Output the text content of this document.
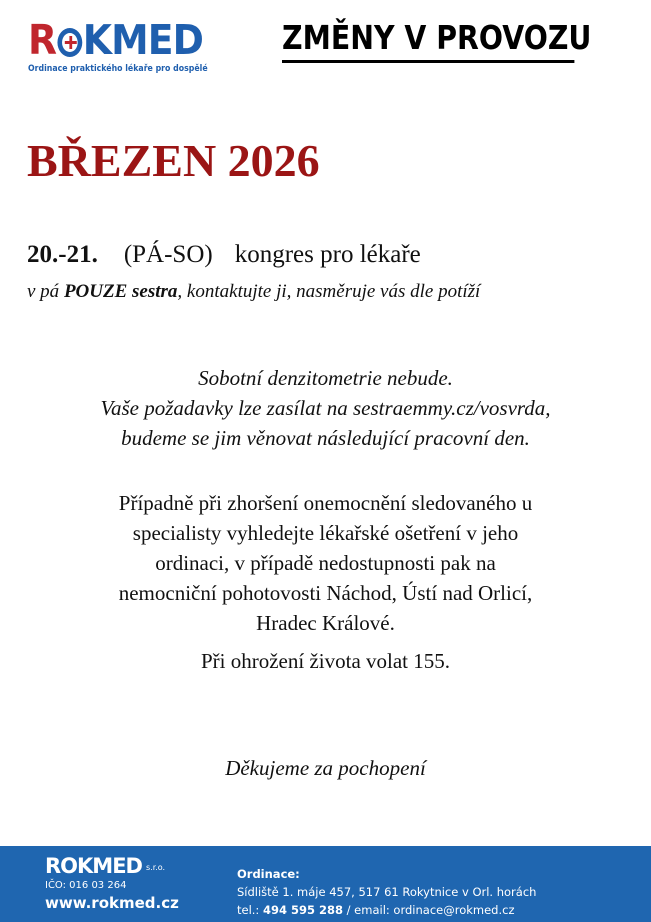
R KMED
Ordinace praktického lékaře pro dospělé
ZMĚNY V PROVOZU
BŘEZEN 2026
20.-21. (PÁ-SO) kongres pro lékaře
v pá POUZE sestra, kontaktujte ji, nasměruje vás dle potíží
Sobotní denzitometrie nebude.
Vaše požadavky lze zasílat na sestraemmy.cz/vosvrda,
budeme se jim věnovat následující pracovní den.
Případně při zhoršení onemocnění sledovaného u
specialisty vyhledejte lékařské ošetření v jeho
ordinaci, v případě nedostupnosti pak na
nemocniční pohotovosti Náchod, Ústí nad Orlicí,
Hradec Králové.
Při ohrožení života volat 155.
Děkujeme za pochopení
ROKMED s.r.o.
IČO: 016 03 264
www.rokmed.cz
Ordinace:
Sídliště 1. máje 457, 517 61 Rokytnice v Orl. horách
tel.: 494 595 288 / email: ordinace@rokmed.cz
